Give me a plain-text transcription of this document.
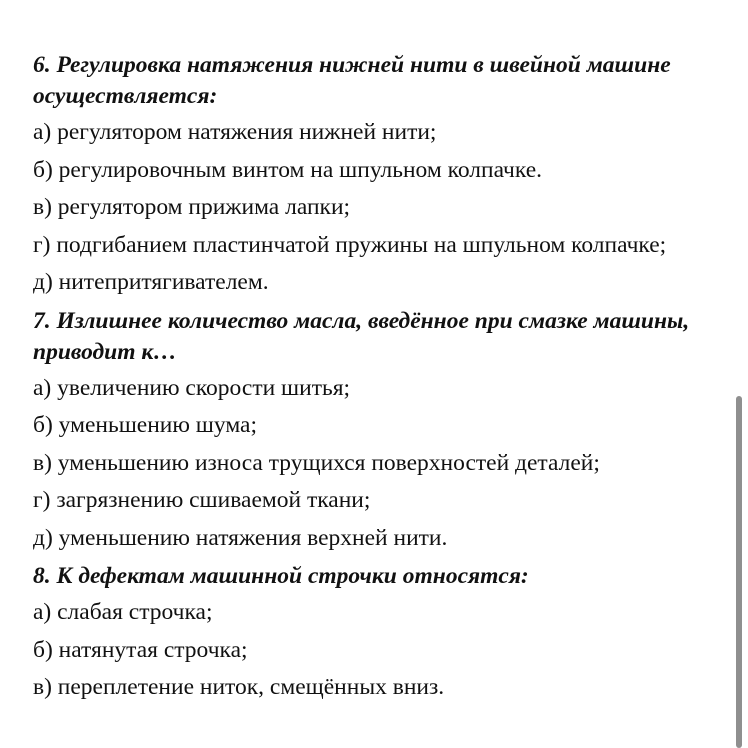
6. Регулировка натяжения нижней нити в швейной машине осуществляется:

а) регулятором натяжения нижней нити;
б) регулировочным винтом на шпульном колпачке.
в) регулятором прижима лапки;
г) подгибанием пластинчатой пружины на шпульном колпачке;
д) нитепритягивателем.

7. Излишнее количество масла, введённое при смазке машины, приводит к…

а) увеличению скорости шитья;
б) уменьшению шума;
в) уменьшению износа трущихся поверхностей деталей;
г) загрязнению сшиваемой ткани;
д) уменьшению натяжения верхней нити.

8. К дефектам машинной строчки относятся:

а) слабая строчка;
б) натянутая строчка;
в) переплетение ниток, смещённых вниз.
